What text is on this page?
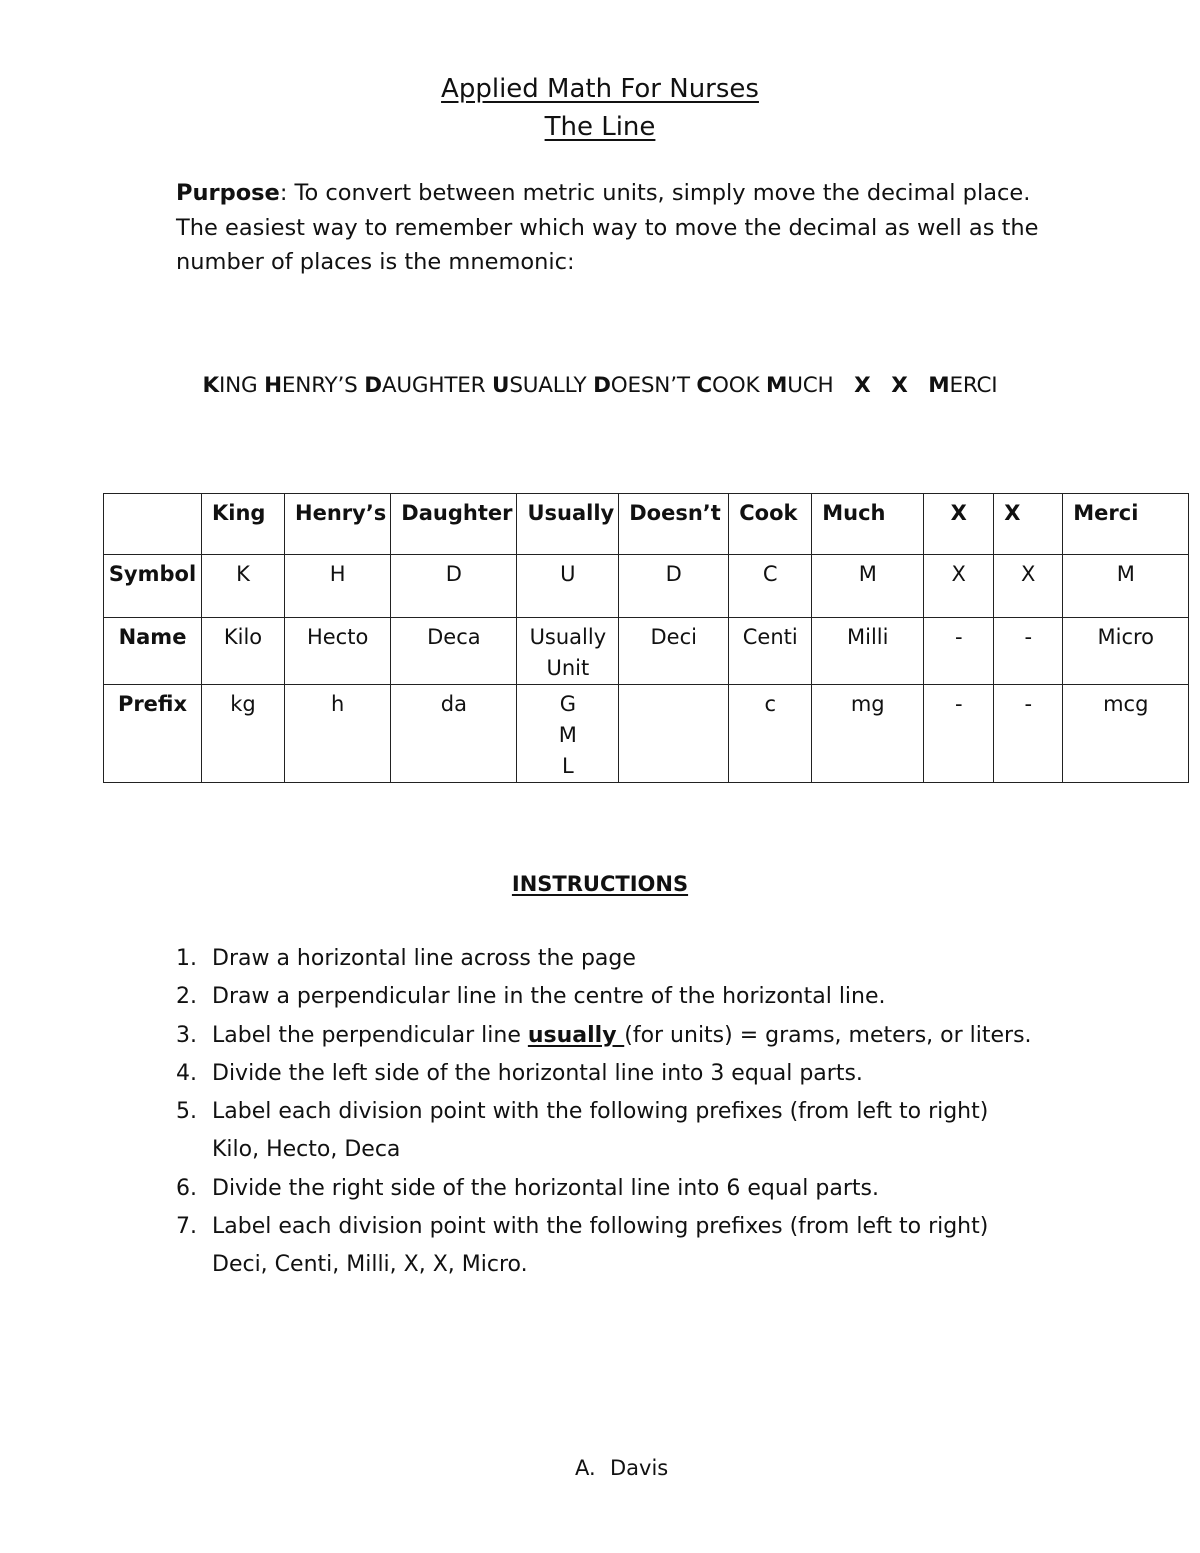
Applied Math For Nurses
The Line
Purpose: To convert between metric units, simply move the decimal place. The easiest way to remember which way to move the decimal as well as the number of places is the mnemonic:
KING HENRY’S DAUGHTER USUALLY DOESN’T COOK MUCH X X MERCI
	King	Henry’s	Daughter	Usually	Doesn’t	Cook	Much	X	X	Merci
Symbol	K	H	D	U	D	C	M	X	X	M
Name	Kilo	Hecto	Deca	Usually Unit	Deci	Centi	Milli	-	-	Micro
Prefix	kg	h	da	G
M
L		c	mg	-	-	mcg
INSTRUCTIONS
1. Draw a horizontal line across the page
2. Draw a perpendicular line in the centre of the horizontal line.
3. Label the perpendicular line usually (for units) = grams, meters, or liters.
4. Divide the left side of the horizontal line into 3 equal parts.
5. Label each division point with the following prefixes (from left to right)
Kilo, Hecto, Deca
6. Divide the right side of the horizontal line into 6 equal parts.
7. Label each division point with the following prefixes (from left to right)
Deci, Centi, Milli, X, X, Micro.
A. Davis
